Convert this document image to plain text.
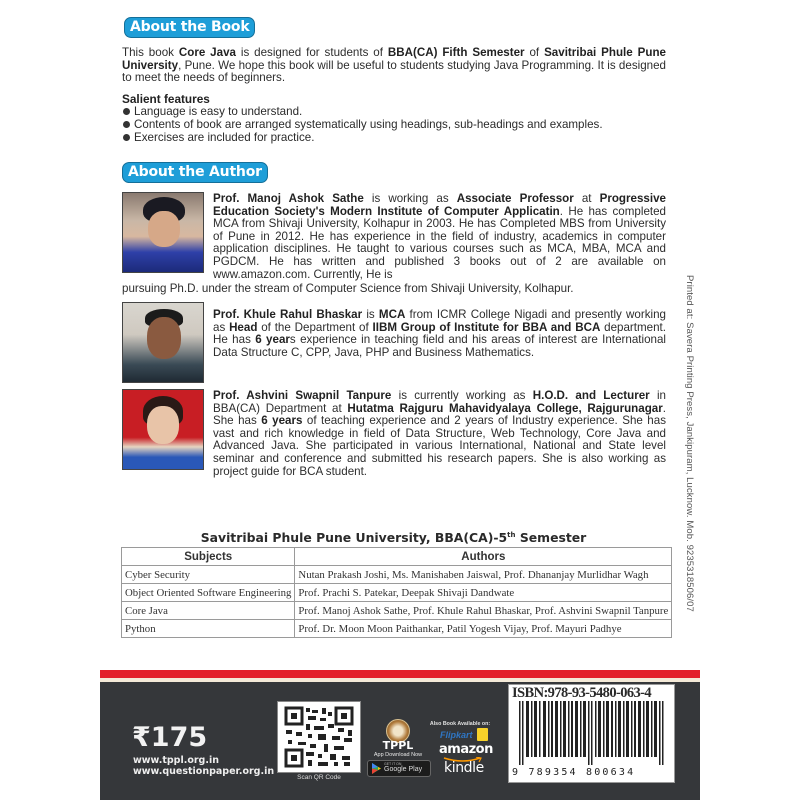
About the Book
This book Core Java is designed for students of BBA(CA) Fifth Semester of Savitribai Phule Pune University, Pune. We hope this book will be useful to students studying Java Programming. It is designed to meet the needs of beginners.
Salient features
Language is easy to understand.
Contents of book are arranged systematically using headings, sub-headings and examples.
Exercises are included for practice.
About the Author
Prof. Manoj Ashok Sathe is working as Associate Professor at Progressive Education Society's Modern Institute of Computer Applicatin. He has completed MCA from Shivaji University, Kolhapur in 2003. He has Completed MBS from University of Pune in 2012. He has experience in the field of industry, academics in computer application disciplines. He taught to various courses such as MCA, MBA, MCA and PGDCM. He has written and published 3 books out of 2 are available on www.amazon.com. Currently, He is
pursuing Ph.D. under the stream of Computer Science from Shivaji University, Kolhapur.
Prof. Khule Rahul Bhaskar is MCA from ICMR College Nigadi and presently working as Head of the Department of IIBM Group of Institute for BBA and BCA department. He has 6 years experience in teaching field and his areas of interest are International Data Structure C, CPP, Java, PHP and Business Mathematics.
Prof. Ashvini Swapnil Tanpure is currently working as H.O.D. and Lecturer in BBA(CA) Department at Hutatma Rajguru Mahavidyalaya College, Rajgurunagar. She has 6 years of teaching experience and 2 years of Industry experience. She has vast and rich knowledge in field of Data Structure, Web Technology, Core Java and Advanced Java. She participated in various International, National and State level seminar and conference and submitted his research papers. She is also working as project guide for BCA student.	Printed at: Savera Printing Press, Jankipuram, Lucknow. Mob. 9235318506/07
Savitribai Phule Pune University, BBA(CA)-5th Semester
Subjects	Authors
Cyber Security	Nutan Prakash Joshi, Ms. Manishaben Jaiswal, Prof. Dhananjay Murlidhar Wagh
Object Oriented Software Engineering	Prof. Prachi S. Patekar, Deepak Shivaji Dandwate
Core Java	Prof. Manoj Ashok Sathe, Prof. Khule Rahul Bhaskar, Prof. Ashvini Swapnil Tanpure
Python	Prof. Dr. Moon Moon Paithankar, Patil Yogesh Vijay, Prof. Mayuri Padhye
₹175
www.tppl.org.in
www.questionpaper.org.in
Scan QR Code
TPPL
App Download Now
GET IT ON
Google Play
Also Book Available on:
Flipkart
amazon
kindle
ISBN:978-93-5480-063-4
9 789354 800634
